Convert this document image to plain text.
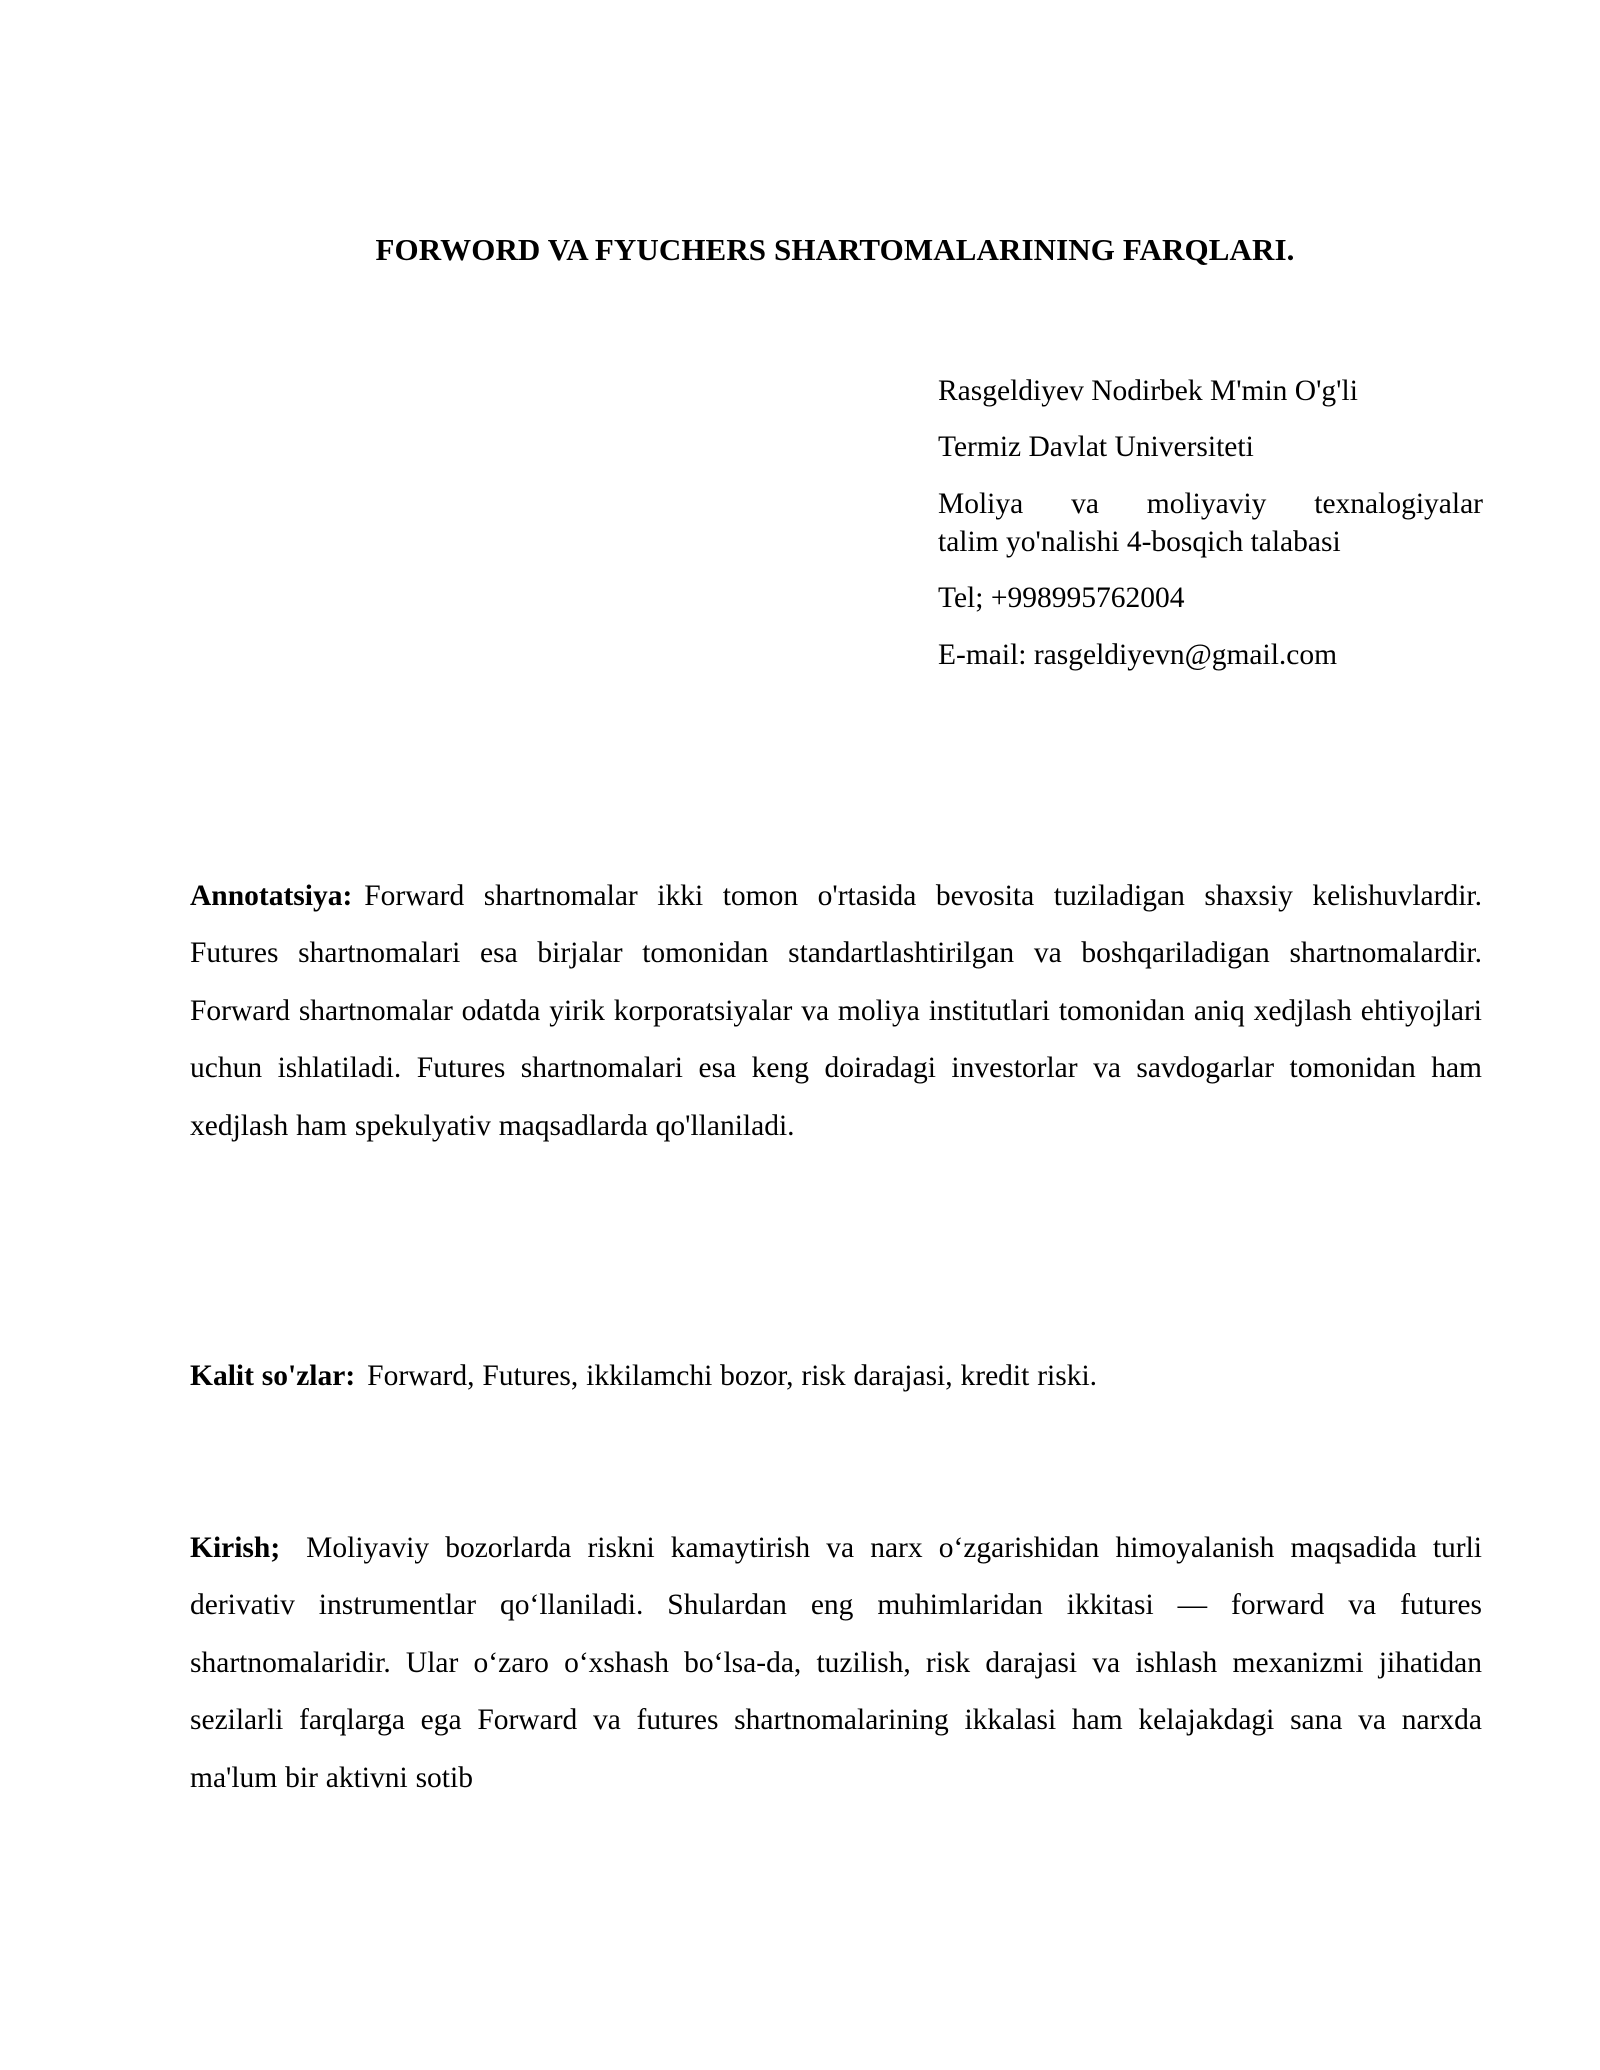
FORWORD VA FYUCHERS SHARTOMALARINING FARQLARI.
Rasgeldiyev Nodirbek M'min O'g'li
Termiz Davlat Universiteti
Moliya va moliyaviy texnalogiyalar
talim yo'nalishi 4-bosqich talabasi
Tel; +998995762004
E-mail: rasgeldiyevn@gmail.com

Annotatsiya: Forward shartnomalar ikki tomon o'rtasida bevosita tuziladigan shaxsiy kelishuvlardir. Futures shartnomalari esa birjalar tomonidan standartlashtirilgan va boshqariladigan shartnomalardir. Forward shartnomalar odatda yirik korporatsiyalar va moliya institutlari tomonidan aniq xedjlash ehtiyojlari uchun ishlatiladi. Futures shartnomalari esa keng doiradagi investorlar va savdogarlar tomonidan ham xedjlash ham spekulyativ maqsadlarda qo'llaniladi.

Kalit so'zlar: Forward, Futures, ikkilamchi bozor, risk darajasi, kredit riski.

Kirish; Moliyaviy bozorlarda riskni kamaytirish va narx o‘zgarishidan himoyalanish maqsadida turli derivativ instrumentlar qo‘llaniladi. Shulardan eng muhimlaridan ikkitasi — forward va futures shartnomalaridir. Ular o‘zaro o‘xshash bo‘lsa-da, tuzilish, risk darajasi va ishlash mexanizmi jihatidan sezilarli farqlarga ega Forward va futures shartnomalarining ikkalasi ham kelajakdagi sana va narxda ma'lum bir aktivni sotib
